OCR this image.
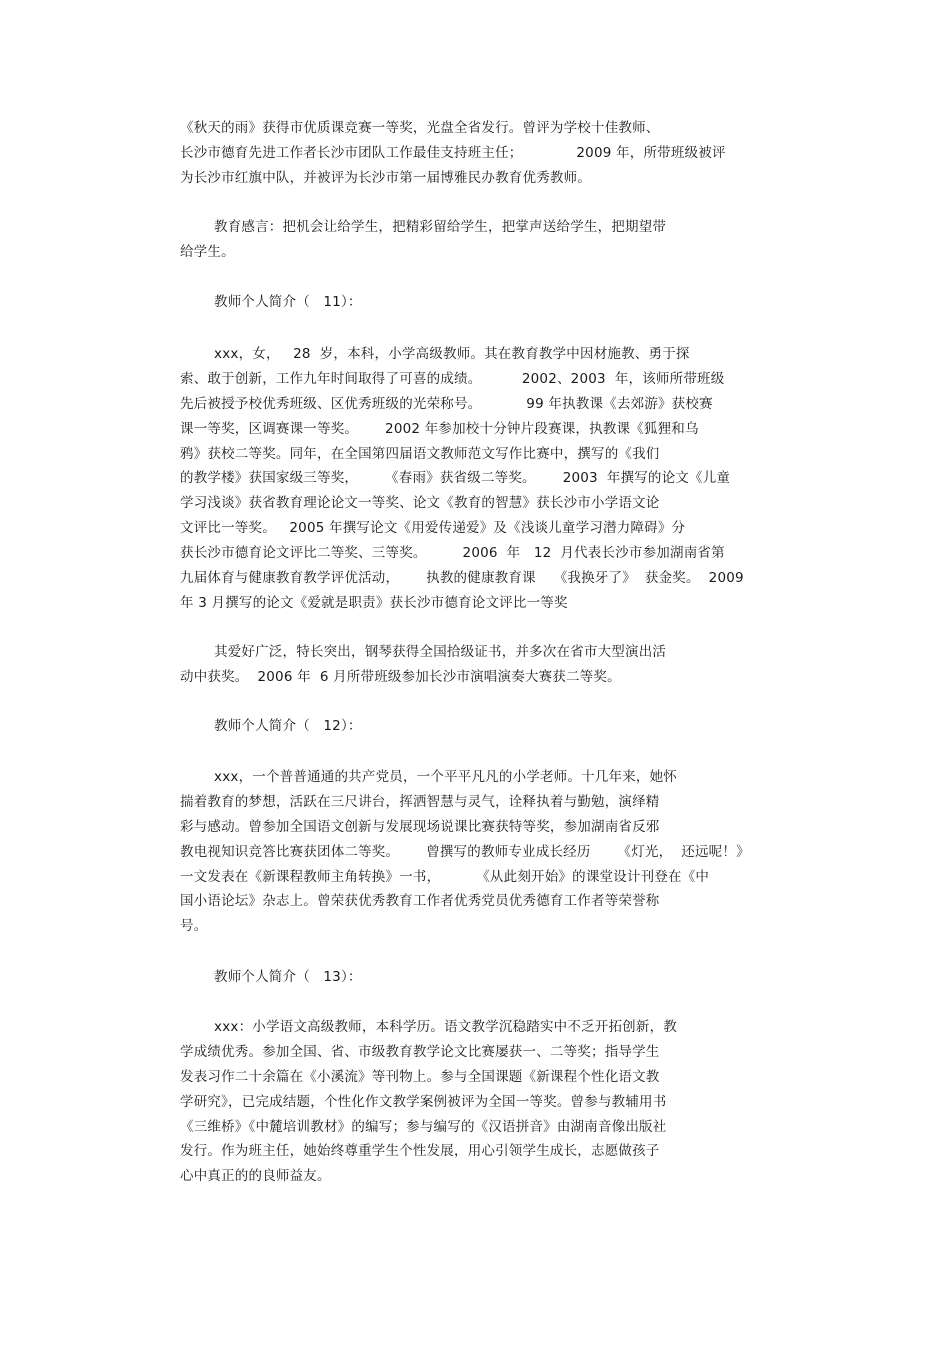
《秋天的雨》获得市优质课竞赛一等奖，光盘全省发行。曾评为学校十佳教师、
长沙市德育先进工作者长沙市团队工作最佳支持班主任；            2009 年，所带班级被评
为长沙市红旗中队，并被评为长沙市第一届博雅民办教育优秀教师。
教育感言：把机会让给学生，把精彩留给学生，把掌声送给学生，把期望带
给学生。
教师个人简介（   11）：
xxx，女，   28  岁，本科，小学高级教师。其在教育教学中因材施教、勇于探
索、敢于创新，工作九年时间取得了可喜的成绩。         2002、2003  年，该师所带班级
先后被授予校优秀班级、区优秀班级的光荣称号。          99 年执教课《去郊游》获校赛
课一等奖，区调赛课一等奖。      2002 年参加校十分钟片段赛课，执教课《狐狸和乌
鸦》获校二等奖。同年，在全国第四届语文教师范文写作比赛中，撰写的《我们
的教学楼》获国家级三等奖，      《春雨》获省级二等奖。      2003  年撰写的论文《儿童
学习浅谈》获省教育理论论文一等奖、论文《教育的智慧》获长沙市小学语文论
文评比一等奖。   2005 年撰写论文《用爱传递爱》及《浅谈儿童学习潜力障碍》分
获长沙市德育论文评比二等奖、三等奖。        2006  年   12  月代表长沙市参加湖南省第
九届体育与健康教育教学评优活动，      执教的健康教育课    《我换牙了》  获金奖。  2009
年 3 月撰写的论文《爱就是职责》获长沙市德育论文评比一等奖
其爱好广泛，特长突出，钢琴获得全国拾级证书，并多次在省市大型演出活
动中获奖。  2006 年  6 月所带班级参加长沙市演唱演奏大赛获二等奖。
教师个人简介（   12）：
xxx，一个普普通通的共产党员，一个平平凡凡的小学老师。十几年来，她怀
揣着教育的梦想，活跃在三尺讲台，挥洒智慧与灵气，诠释执着与勤勉，演绎精
彩与感动。曾参加全国语文创新与发展现场说课比赛获特等奖，参加湖南省反邪
教电视知识竞答比赛获团体二等奖。      曾撰写的教师专业成长经历      《灯光，  还远呢！》
一文发表在《新课程教师主角转换》一书，        《从此刻开始》的课堂设计刊登在《中
国小语论坛》杂志上。曾荣获优秀教育工作者优秀党员优秀德育工作者等荣誉称
号。
教师个人简介（   13）：
xxx：小学语文高级教师，本科学历。语文教学沉稳踏实中不乏开拓创新，教
学成绩优秀。参加全国、省、市级教育教学论文比赛屡获一、二等奖；指导学生
发表习作二十余篇在《小溪流》等刊物上。参与全国课题《新课程个性化语文教
学研究》，已完成结题，个性化作文教学案例被评为全国一等奖。曾参与教辅用书
《三维桥》《中麓培训教材》的编写；参与编写的《汉语拼音》由湖南音像出版社
发行。作为班主任，她始终尊重学生个性发展，用心引领学生成长，志愿做孩子
心中真正的的良师益友。
